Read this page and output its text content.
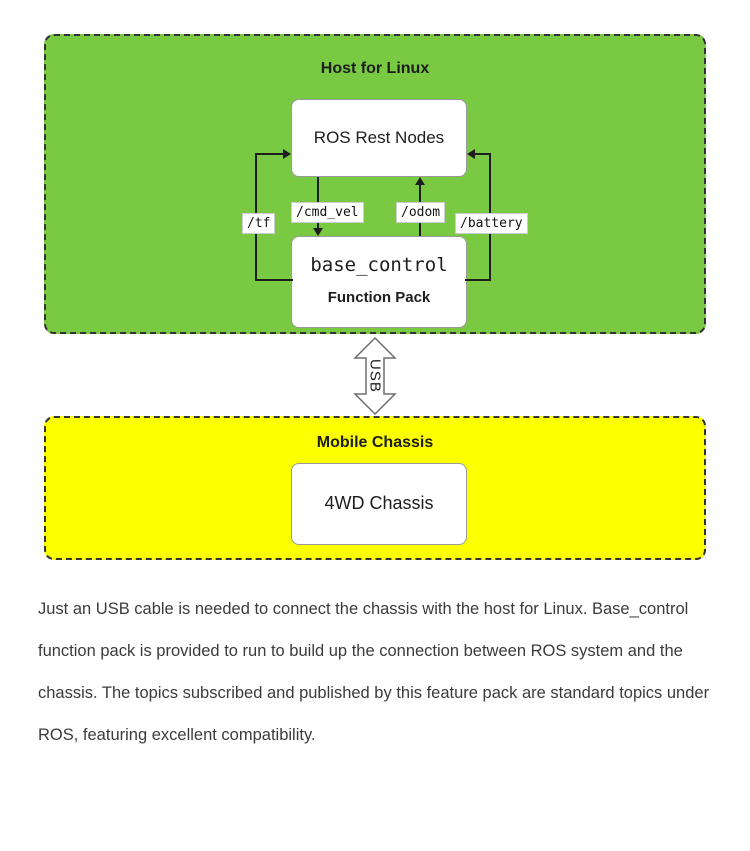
Host for Linux
ROS Rest Nodes
base_control
Function Pack
/tf
/cmd_vel	/odom
/battery
USB
Mobile Chassis
4WD Chassis
Just an USB cable is needed to connect the chassis with the host for Linux. Base_control function pack is provided to run to build up the connection between ROS system and the chassis. The topics subscribed and published by this feature pack are standard topics under ROS, featuring excellent compatibility.
